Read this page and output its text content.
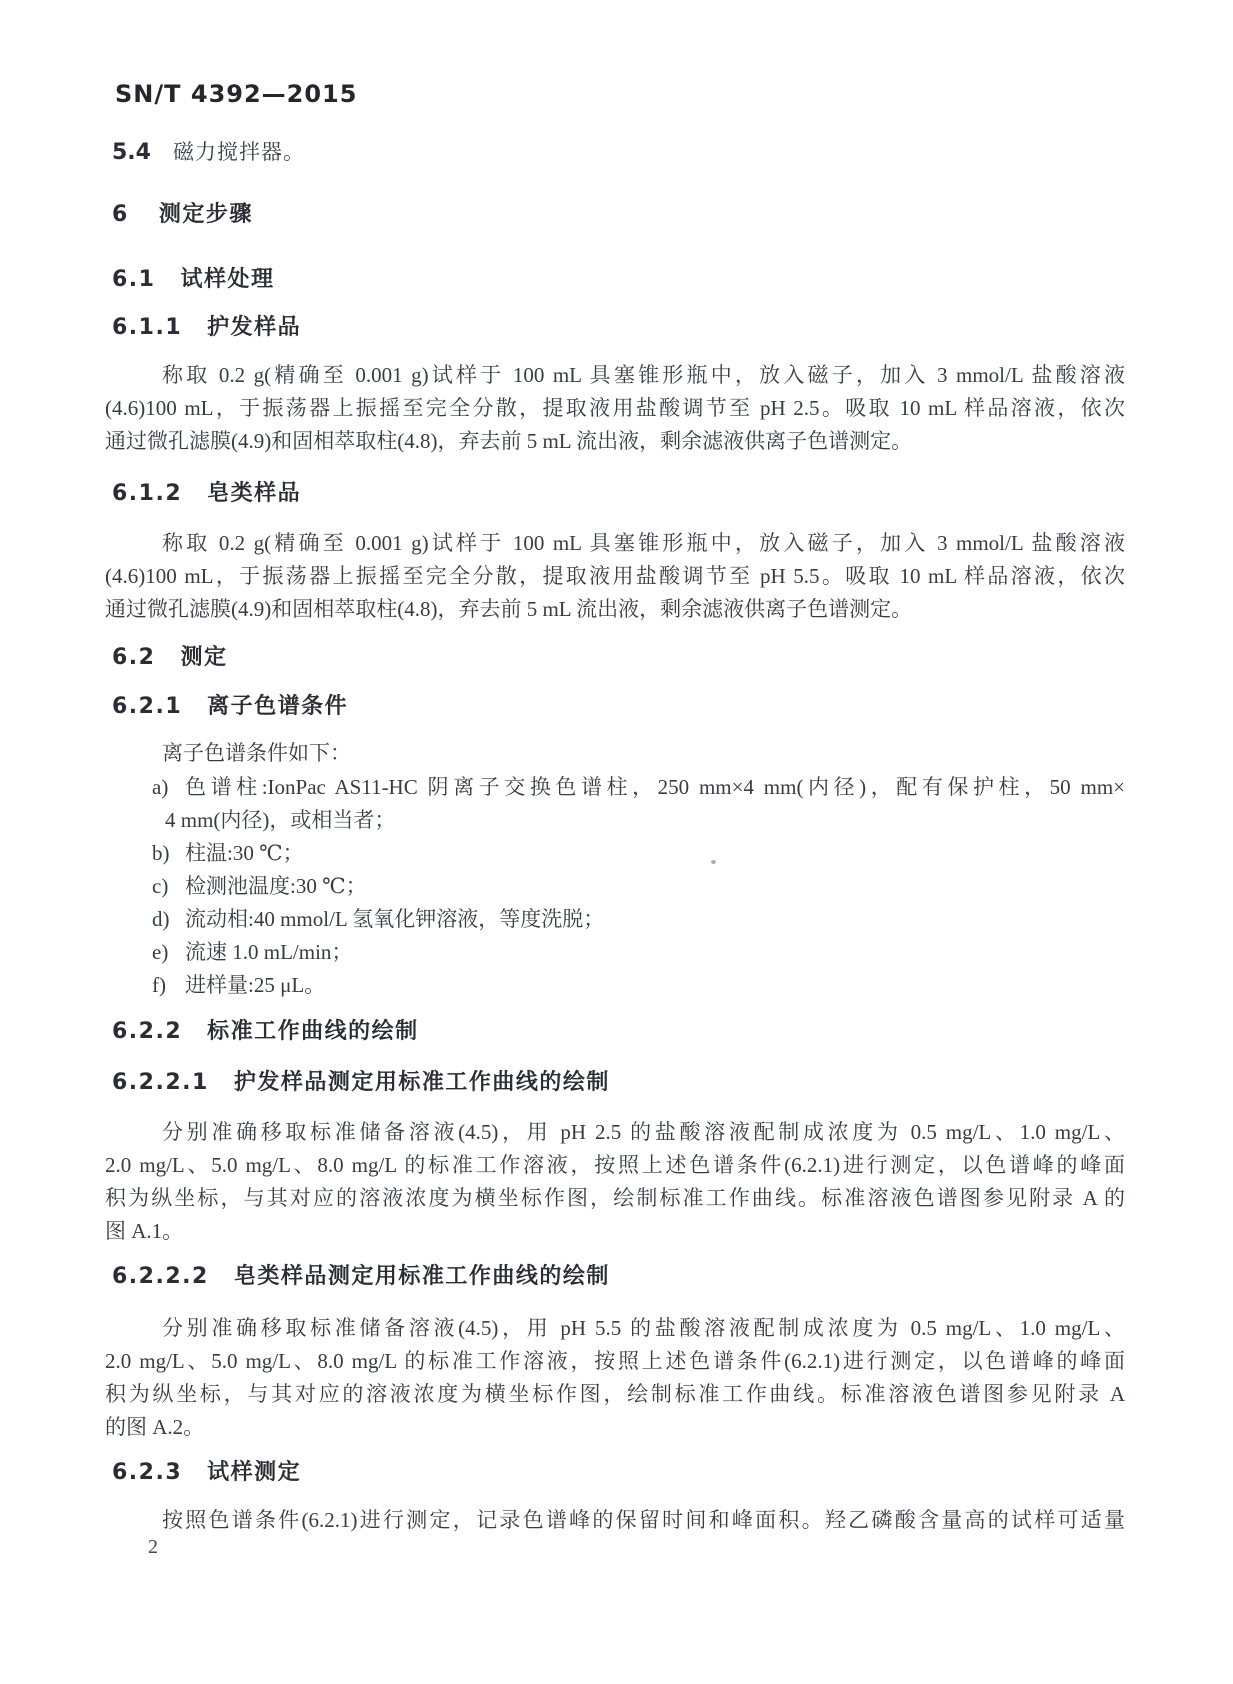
SN/T 4392—2015
5.4 磁力搅拌器。
6 测定步骤
6.1 试样处理
6.1.1 护发样品
称取 0.2 g(精确至 0.001 g)试样于 100 mL 具塞锥形瓶中，放入磁子，加入 3 mmol/L 盐酸溶液
(4.6)100 mL，于振荡器上振摇至完全分散，提取液用盐酸调节至 pH 2.5。吸取 10 mL 样品溶液，依次
通过微孔滤膜(4.9)和固相萃取柱(4.8)，弃去前 5 mL 流出液，剩余滤液供离子色谱测定。
6.1.2 皂类样品
称取 0.2 g(精确至 0.001 g)试样于 100 mL 具塞锥形瓶中，放入磁子，加入 3 mmol/L 盐酸溶液
(4.6)100 mL，于振荡器上振摇至完全分散，提取液用盐酸调节至 pH 5.5。吸取 10 mL 样品溶液，依次
通过微孔滤膜(4.9)和固相萃取柱(4.8)，弃去前 5 mL 流出液，剩余滤液供离子色谱测定。
6.2 测定
6.2.1 离子色谱条件
离子色谱条件如下：
a) 色谱柱:IonPac AS11-HC 阴离子交换色谱柱，250 mm×4 mm(内径)，配有保护柱，50 mm×
4 mm(内径)，或相当者；
b) 柱温:30 ℃；
c) 检测池温度:30 ℃；
d) 流动相:40 mmol/L 氢氧化钾溶液，等度洗脱；
e) 流速 1.0 mL/min；
f) 进样量:25 μL。
6.2.2 标准工作曲线的绘制
6.2.2.1 护发样品测定用标准工作曲线的绘制
分别准确移取标准储备溶液(4.5)，用 pH 2.5 的盐酸溶液配制成浓度为 0.5 mg/L、1.0 mg/L、
2.0 mg/L、5.0 mg/L、8.0 mg/L 的标准工作溶液，按照上述色谱条件(6.2.1)进行测定，以色谱峰的峰面
积为纵坐标，与其对应的溶液浓度为横坐标作图，绘制标准工作曲线。标准溶液色谱图参见附录 A 的
图 A.1。
6.2.2.2 皂类样品测定用标准工作曲线的绘制
分别准确移取标准储备溶液(4.5)，用 pH 5.5 的盐酸溶液配制成浓度为 0.5 mg/L、1.0 mg/L、
2.0 mg/L、5.0 mg/L、8.0 mg/L 的标准工作溶液，按照上述色谱条件(6.2.1)进行测定，以色谱峰的峰面
积为纵坐标，与其对应的溶液浓度为横坐标作图，绘制标准工作曲线。标准溶液色谱图参见附录 A
的图 A.2。
6.2.3 试样测定
按照色谱条件(6.2.1)进行测定，记录色谱峰的保留时间和峰面积。羟乙磷酸含量高的试样可适量
2
